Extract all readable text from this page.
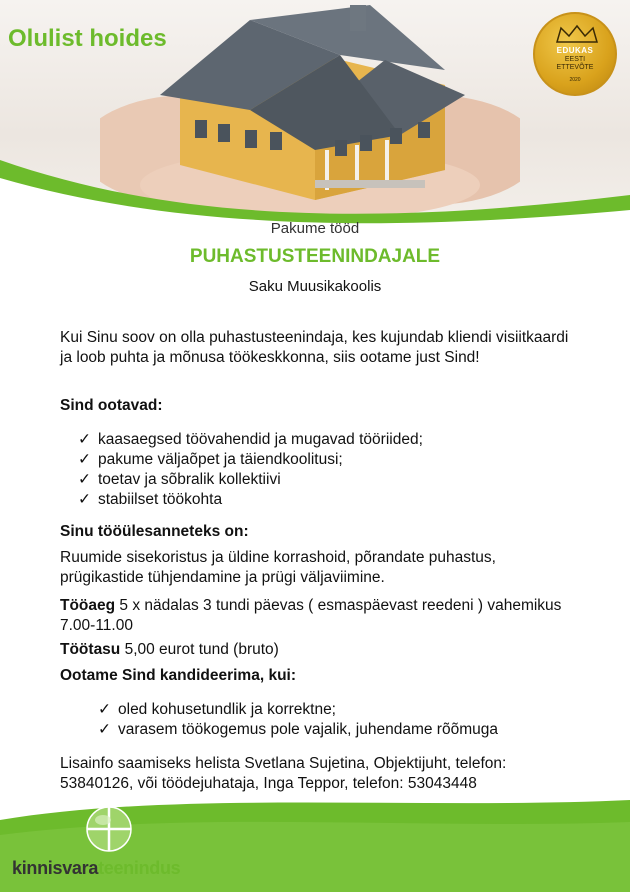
Olulist hoides	EDUKAS
EESTI
ETTEVÕTE
2020
Pakume tööd
PUHASTUSTEENINDAJALE
Saku Muusikakoolis
Kui Sinu soov on olla puhastusteenindaja, kes kujundab kliendi visiitkaardi ja loob puhta ja mõnusa töökeskkonna, siis ootame just Sind!
Sind ootavad:
✓ kaasaegsed töövahendid ja mugavad tööriided;
✓ pakume väljaõpet ja täiendkoolitusi;
✓ toetav ja sõbralik kollektiivi
✓ stabiilset töökohta
Sinu tööülesanneteks on:
Ruumide sisekoristus ja üldine korrashoid, põrandate puhastus, prügikastide tühjendamine ja prügi väljaviimine.
Tööaeg 5 x nädalas 3 tundi päevas ( esmaspäevast reedeni ) vahemikus 7.00-11.00
Töötasu 5,00 eurot tund (bruto)
Ootame Sind kandideerima, kui:
✓ oled kohusetundlik ja korrektne;
✓ varasem töökogemus pole vajalik, juhendame rõõmuga
Lisainfo saamiseks helista Svetlana Sujetina, Objektijuht, telefon: 53840126, või töödejuhataja, Inga Teppor, telefon: 53043448
kinnisvarateenindus
